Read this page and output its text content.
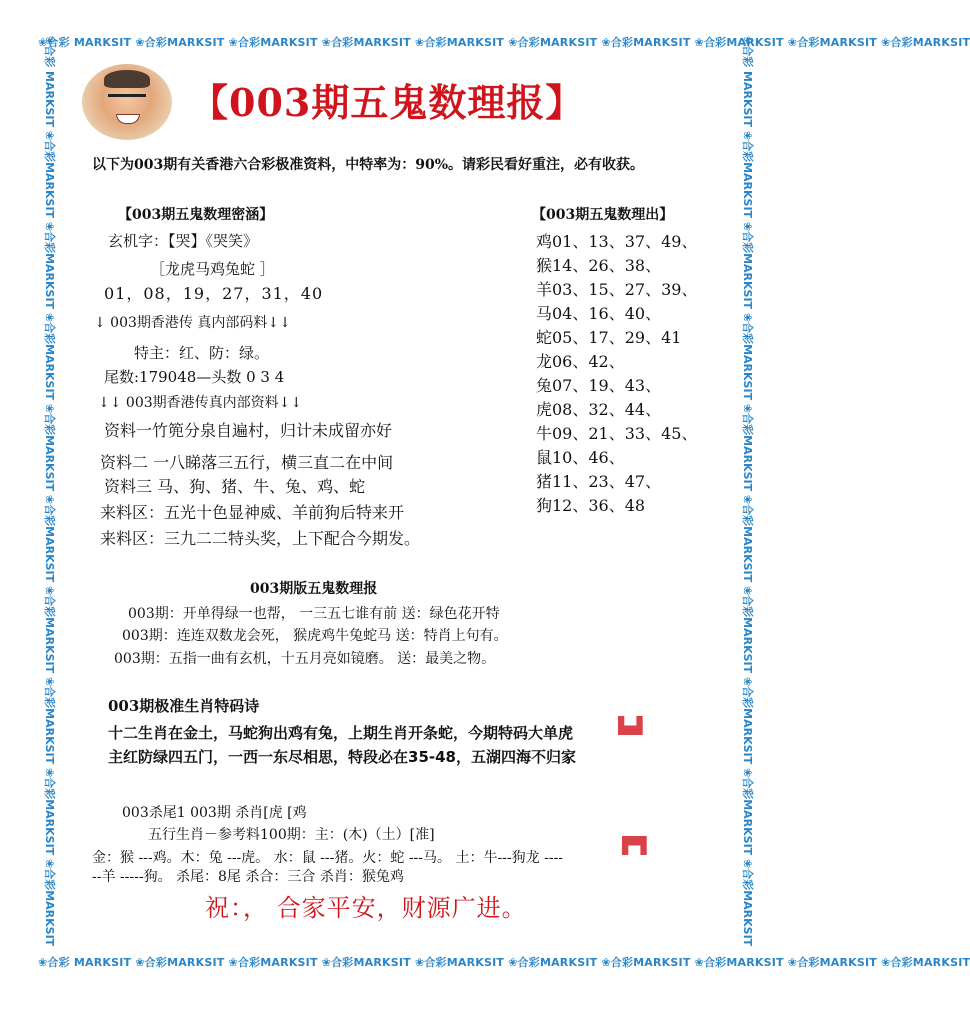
❀合彩 MARKSIT ❀合彩MARKSIT ❀合彩MARKSIT ❀合彩MARKSIT ❀合彩MARKSIT ❀合彩MARKSIT ❀合彩MARKSIT ❀合彩MARKSIT ❀合彩MARKSIT ❀合彩MARKSIT
❀合彩 MARKSIT ❀合彩MARKSIT ❀合彩MARKSIT ❀合彩MARKSIT ❀合彩MARKSIT ❀合彩MARKSIT ❀合彩MARKSIT ❀合彩MARKSIT ❀合彩MARKSIT ❀合彩MARKSIT
❀合彩 MARKSIT ❀合彩MARKSIT ❀合彩MARKSIT ❀合彩MARKSIT ❀合彩MARKSIT ❀合彩MARKSIT ❀合彩MARKSIT ❀合彩MARKSIT ❀合彩MARKSIT ❀合彩MARKSIT	❀合彩 MARKSIT ❀合彩MARKSIT ❀合彩MARKSIT ❀合彩MARKSIT ❀合彩MARKSIT ❀合彩MARKSIT ❀合彩MARKSIT ❀合彩MARKSIT ❀合彩MARKSIT ❀合彩MARKSIT
【003期五鬼数理报】
以下为003期有关香港六合彩极准资料，中特率为：90%。请彩民看好重注，必有收获。
【003期五鬼数理密涵】
玄机字：【哭】《哭笑》
［龙虎马鸡兔蛇 ］
01，08，19，27，31，40
↓ 003期香港传 真内部码料↓↓
特主：红、防：绿。
尾数:179048—头数 0 3 4
↓↓ 003期香港传真内部资料↓↓
资料一竹篼分泉自遍村，归计未成留亦好
资料二 一八睇落三五行，横三直二在中间
资料三 马、狗、猪、牛、兔、鸡、蛇
来料区：五光十色显神威、羊前狗后特来开
来料区：三九二二特头奖，上下配合今期发。
【003期五鬼数理出】
鸡01、13、37、49、
猴14、26、38、
羊03、15、27、39、
马04、16、40、
蛇05、17、29、41
龙06、42、
兔07、19、43、
虎08、32、44、
牛09、21、33、45、
鼠10、46、
猪11、23、47、
狗12、36、48
003期版五鬼数理报
003期：开单得绿一也帮， 一三五七谁有前 送：绿色花开特
003期：连连双数龙会死， 猴虎鸡牛兔蛇马 送：特肖上句有。
003期：五指一曲有玄机，十五月亮如镜磨。 送：最美之物。
003期极准生肖特码诗
十二生肖在金土，马蛇狗出鸡有兔，上期生肖开条蛇，今期特码大单虎
主红防绿四五门，一西一东尽相思，特段必在35-48，五湖四海不归家
▙▟
003杀尾1 003期 杀肖[虎 [鸡
五行生肖－参考料100期：主：(木)（土）[准]
金：猴 ---鸡。木：兔 ---虎。 水：鼠 ---猪。火：蛇 ---马。 土：牛---狗龙 ----
--羊 -----狗。 杀尾：8尾 杀合：三合 杀肖：猴兔鸡
▛▜
祝：， 合家平安，财源广进。
